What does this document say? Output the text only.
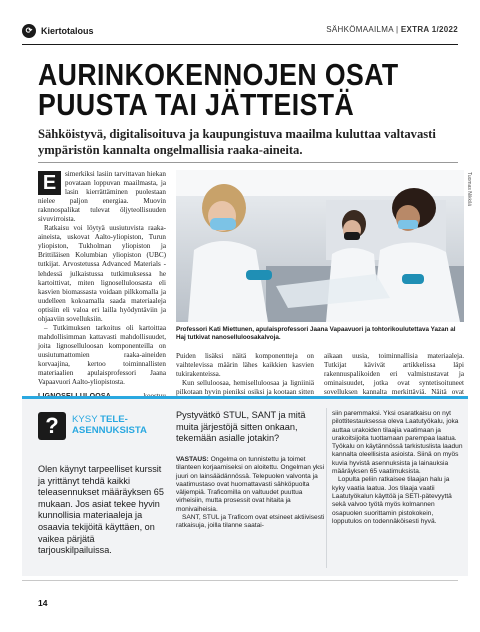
⟳ Kiertotalous	SÄHKÖMAAILMA | EXTRA 1/2022
AURINKOKENNOJEN OSAT
PUUSTA TAI JÄTTEISTÄ

Sähköistyvä, digitalisoituva ja kaupungistuva maailma kuluttaa valtavasti ympäristön kannalta ongelmallisia raaka-aineita.

E	simerkiksi lasiin tarvittavan hiekan povataan loppuvan maailmasta, ja lasin kierrättäminen puolestaan nielee paljon energiaa. Muovin raknnospalikat tulevat öljyteollisuuden sivuvirroista.

Ratkaisu voi löytyä uusiutuvista raaka-aineista, uskovat Aalto-yliopiston, Turun yliopiston, Tukholman yliopiston ja Brittiläisen Kolumbian yliopiston (UBC) tutkijat. Arvostetussa Advanced Materials -lehdessä julkaistussa tutkimuksessa he kartoittivat, miten lignoselluloosasta eli kasvien biomassasta voidaan pilkkomalla ja uudelleen kokoamalla saada materiaaleja optisiin eli valoa eri lailla hyödyntäviin ja ohjaaviin sovelluksiin.

– Tutkimuksen tarkoitus oli kartoittaa mahdollisimman kattavasti mahdollisuudet, joita lignoselluloosan komponenteilla on uusiutumattomien raaka-aineiden korvaajina, kertoo toiminnallisten materiaalien apulaisprofessori Jaana Vapaavuori Aalto-yliopistosta.

Tuomas Nikkilä
Professori Kati Miettunen, apulaisprofessori Jaana Vapaavuori ja tohtorikoulutettava Yazan al Haj tutkivat nanoselluloosakalvoja.

Puiden lisäksi näitä komponentteja on vaihtelevissa määrin lähes kaikkien kasvien tukirakenteissa.

Kun selluloosaa, hemiselluloosaa ja ligniiniä pilkotaan hyvin pieniksi osiksi ja kootaan sitten

aikaan uusia, toiminnallisia materiaaleja. Tutkijat kävivät artikkelissa läpi rakennuspalikoiden eri valmistustavat ja ominaisuudet, jotka ovat syntetisoituneet sovelluksen kannalta merkittäviä. Näitä ovat

?	KYSY TELE-ASENNUKSISTA
Olen käynyt tarpeelliset kurssit ja yrittänyt tehdä kaikki teleasennukset määräyksen 65 mukaan. Jos asiat tekee hyvin kunnollisia materiaaleja ja osaavia tekijöitä käyttäen, on vaikea pärjätä tarjouskilpailuissa.
Pystyvätkö STUL, SANT ja mitä muita järjestöjä sitten onkaan, tekemään asialle jotakin?

VASTAUS: Ongelma on tunnistettu ja toimet tilanteen korjaamiseksi on aloitettu. Ongelman yksi juuri on lainsäädännössä. Telepuolen valvonta ja vaatimustaso ovat huomattavasti sähköpuolta väljempiä. Traficomilla on valtuudet puuttua virheisiin, mutta prosessit ovat hitaita ja monivaiheisia.

SANT, STUL ja Traficom ovat etsineet aktiivisesti ratkaisuja, joilla tilanne saatai-

siin paremmaksi. Yksi osaratkaisu on nyt pilottitestauksessa oleva Laatutyökalu, joka auttaa urakoiden tilaajia vaatimaan ja urakoitsijoita tuottamaan parempaa laatua. Työkalu on käytännössä tarkistuslista laadun kannalta oleellisista asioista. Siinä on myös kuvia hyvistä asennuksista ja lainauksia määräyksen 65 vaatimuksista.

Lopulta peliin ratkaisee tilaajan halu ja kyky vaatia laatua. Jos tilaaja vaatii Laatutyökalun käyttöä ja SETI-pätevyyttä sekä valvoo työtä myös kolmannen osapuolen suorittamin pistokokein, lopputulos on todennäköisesti hyvä.

14
